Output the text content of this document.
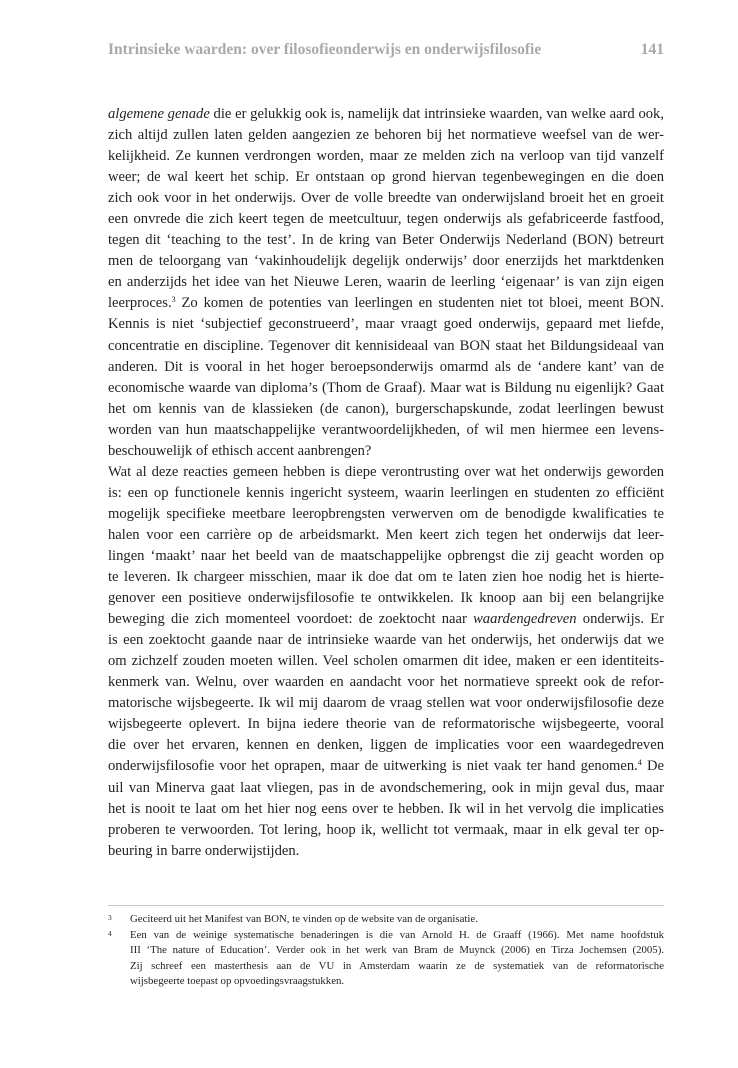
Intrinsieke waarden: over filosofieonderwijs en onderwijsfilosofie	141
algemene genade die er gelukkig ook is, namelijk dat intrinsieke waarden, van welke aard ook,
zich altijd zullen laten gelden aangezien ze behoren bij het normatieve weefsel van de wer-
kelijkheid. Ze kunnen verdrongen worden, maar ze melden zich na verloop van tijd vanzelf
weer; de wal keert het schip. Er ontstaan op grond hiervan tegenbewegingen en die doen
zich ook voor in het onderwijs. Over de volle breedte van onderwijsland broeit het en groeit
een onvrede die zich keert tegen de meetcultuur, tegen onderwijs als gefabriceerde fastfood,
tegen dit ‘teaching to the test’. In de kring van Beter Onderwijs Nederland (BON) betreurt
men de teloorgang van ‘vakinhoudelijk degelijk onderwijs’ door enerzijds het marktdenken
en anderzijds het idee van het Nieuwe Leren, waarin de leerling ‘eigenaar’ is van zijn eigen
leerproces.$^3$ Zo komen de potenties van leerlingen en studenten niet tot bloei, meent BON.
Kennis is niet ‘subjectief geconstrueerd’, maar vraagt goed onderwijs, gepaard met liefde,
concentratie en discipline. Tegenover dit kennisideaal van BON staat het Bildungsideaal van
anderen. Dit is vooral in het hoger beroepsonderwijs omarmd als de ‘andere kant’ van de
economische waarde van diploma’s (Thom de Graaf). Maar wat is Bildung nu eigenlijk? Gaat
het om kennis van de klassieken (de canon), burgerschapskunde, zodat leerlingen bewust
worden van hun maatschappelijke verantwoordelijkheden, of wil men hiermee een levens-
beschouwelijk of ethisch accent aanbrengen?
Wat al deze reacties gemeen hebben is diepe verontrusting over wat het onderwijs geworden
is: een op functionele kennis ingericht systeem, waarin leerlingen en studenten zo efficiënt
mogelijk specifieke meetbare leeropbrengsten verwerven om de benodigde kwalificaties te
halen voor een carrière op de arbeidsmarkt. Men keert zich tegen het onderwijs dat leer-
lingen ‘maakt’ naar het beeld van de maatschappelijke opbrengst die zij geacht worden op
te leveren. Ik chargeer misschien, maar ik doe dat om te laten zien hoe nodig het is hierte-
genover een positieve onderwijsfilosofie te ontwikkelen. Ik knoop aan bij een belangrijke
beweging die zich momenteel voordoet: de zoektocht naar waardengedreven onderwijs. Er
is een zoektocht gaande naar de intrinsieke waarde van het onderwijs, het onderwijs dat we
om zichzelf zouden moeten willen. Veel scholen omarmen dit idee, maken er een identiteits-
kenmerk van. Welnu, over waarden en aandacht voor het normatieve spreekt ook de refor-
matorische wijsbegeerte. Ik wil mij daarom de vraag stellen wat voor onderwijsfilosofie deze
wijsbegeerte oplevert. In bijna iedere theorie van de reformatorische wijsbegeerte, vooral
die over het ervaren, kennen en denken, liggen de implicaties voor een waardegedreven
onderwijsfilosofie voor het oprapen, maar de uitwerking is niet vaak ter hand genomen.$^4$ De
uil van Minerva gaat laat vliegen, pas in de avondschemering, ook in mijn geval dus, maar
het is nooit te laat om het hier nog eens over te hebben. Ik wil in het vervolg die implicaties
proberen te verwoorden. Tot lering, hoop ik, wellicht tot vermaak, maar in elk geval ter op-
beuring in barre onderwijstijden.
3 Geciteerd uit het Manifest van BON, te vinden op de website van de organisatie.
4 Een van de weinige systematische benaderingen is die van Arnold H. de Graaff (1966). Met name hoofdstuk
III ‘The nature of Education’. Verder ook in het werk van Bram de Muynck (2006) en Tirza Jochemsen (2005).
Zij schreef een masterthesis aan de VU in Amsterdam waarin ze de systematiek van de reformatorische
wijsbegeerte toepast op opvoedingsvraagstukken.
